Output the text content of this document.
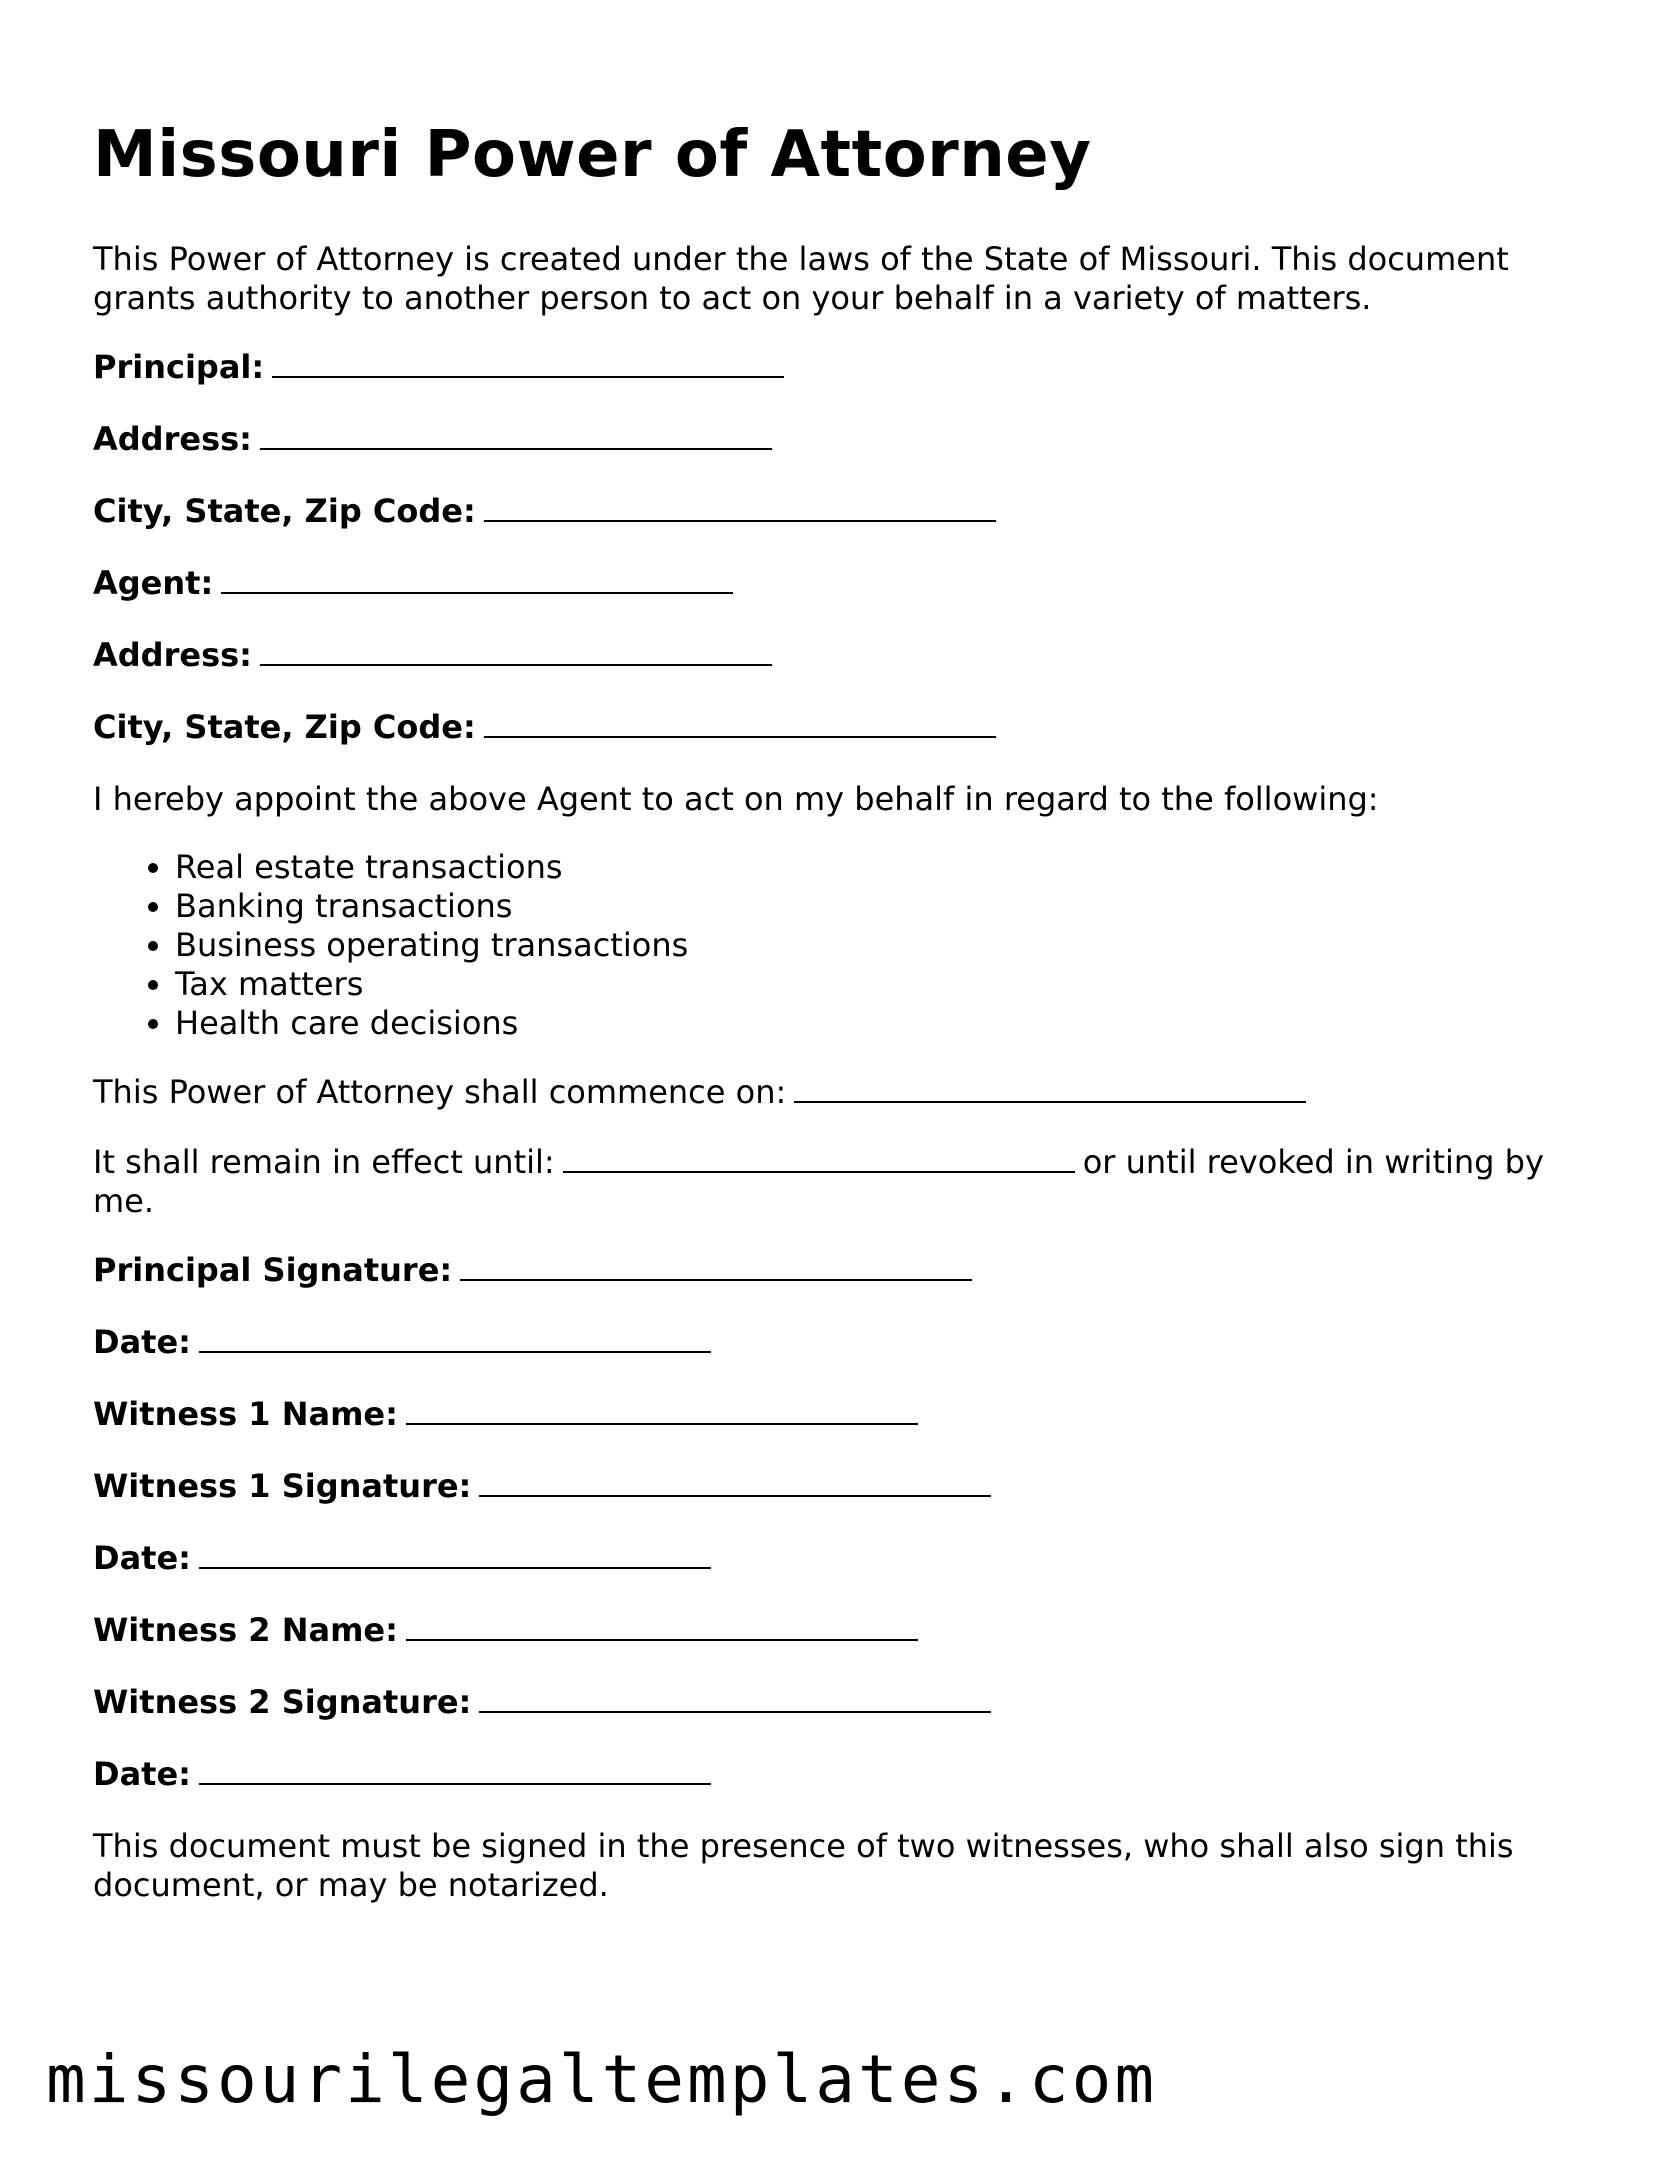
Missouri Power of Attorney

This Power of Attorney is created under the laws of the State of Missouri. This document grants authority to another person to act on your behalf in a variety of matters.

Principal:
Address:
City, State, Zip Code:
Agent:
Address:
City, State, Zip Code:

I hereby appoint the above Agent to act on my behalf in regard to the following:

• Real estate transactions
• Banking transactions
• Business operating transactions
• Tax matters
• Health care decisions
This Power of Attorney shall commence on:

It shall remain in effect until:	or until revoked in writing by me.

Principal Signature:
Date:
Witness 1 Name:
Witness 1 Signature:
Date:
Witness 2 Name:
Witness 2 Signature:
Date:

This document must be signed in the presence of two witnesses, who shall also sign this document, or may be notarized.

missourilegaltemplates.com
